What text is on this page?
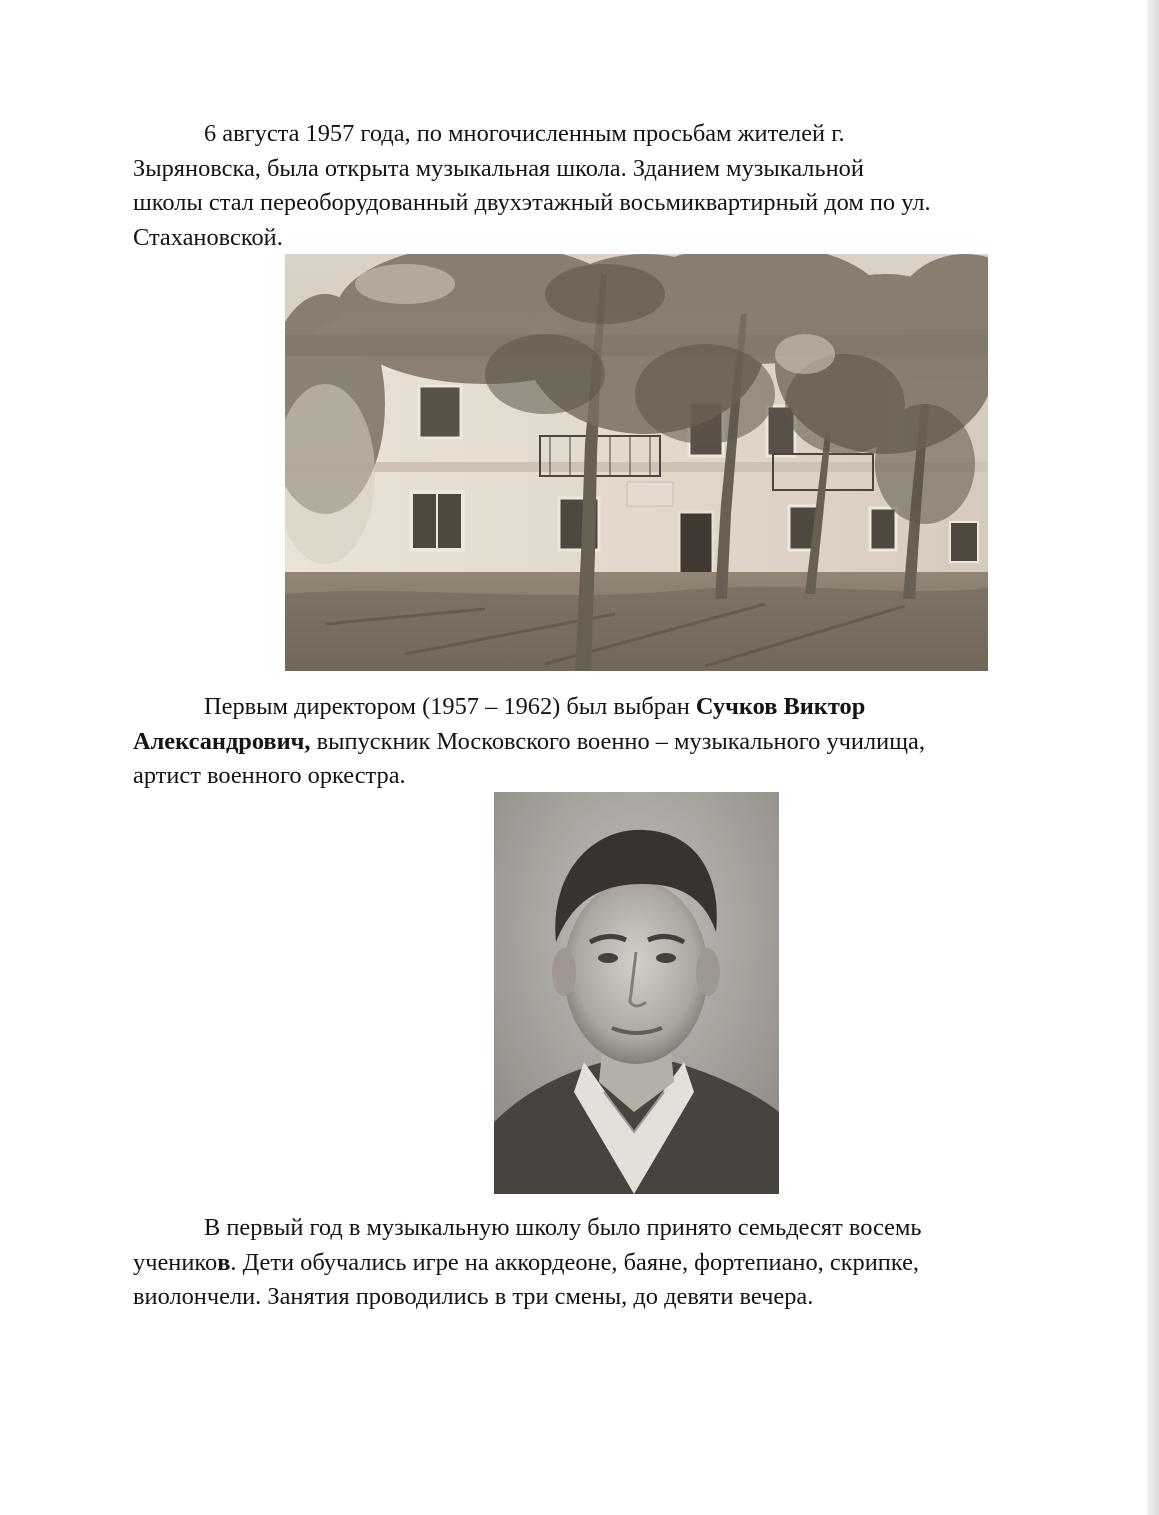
6 августа 1957 года, по многочисленным просьбам жителей г.
Зыряновска, была открыта музыкальная школа. Зданием музыкальной
школы стал переоборудованный двухэтажный восьмиквартирный дом по ул.
Стахановской.

Первым директором (1957 – 1962) был выбран Сучков Виктор
Александрович, выпускник Московского военно – музыкального училища,
артист военного оркестра.

В первый год в музыкальную школу было принято семьдесят восемь
учеников. Дети обучались игре на аккордеоне, баяне, фортепиано, скрипке,
виолончели. Занятия проводились в три смены, до девяти вечера.
